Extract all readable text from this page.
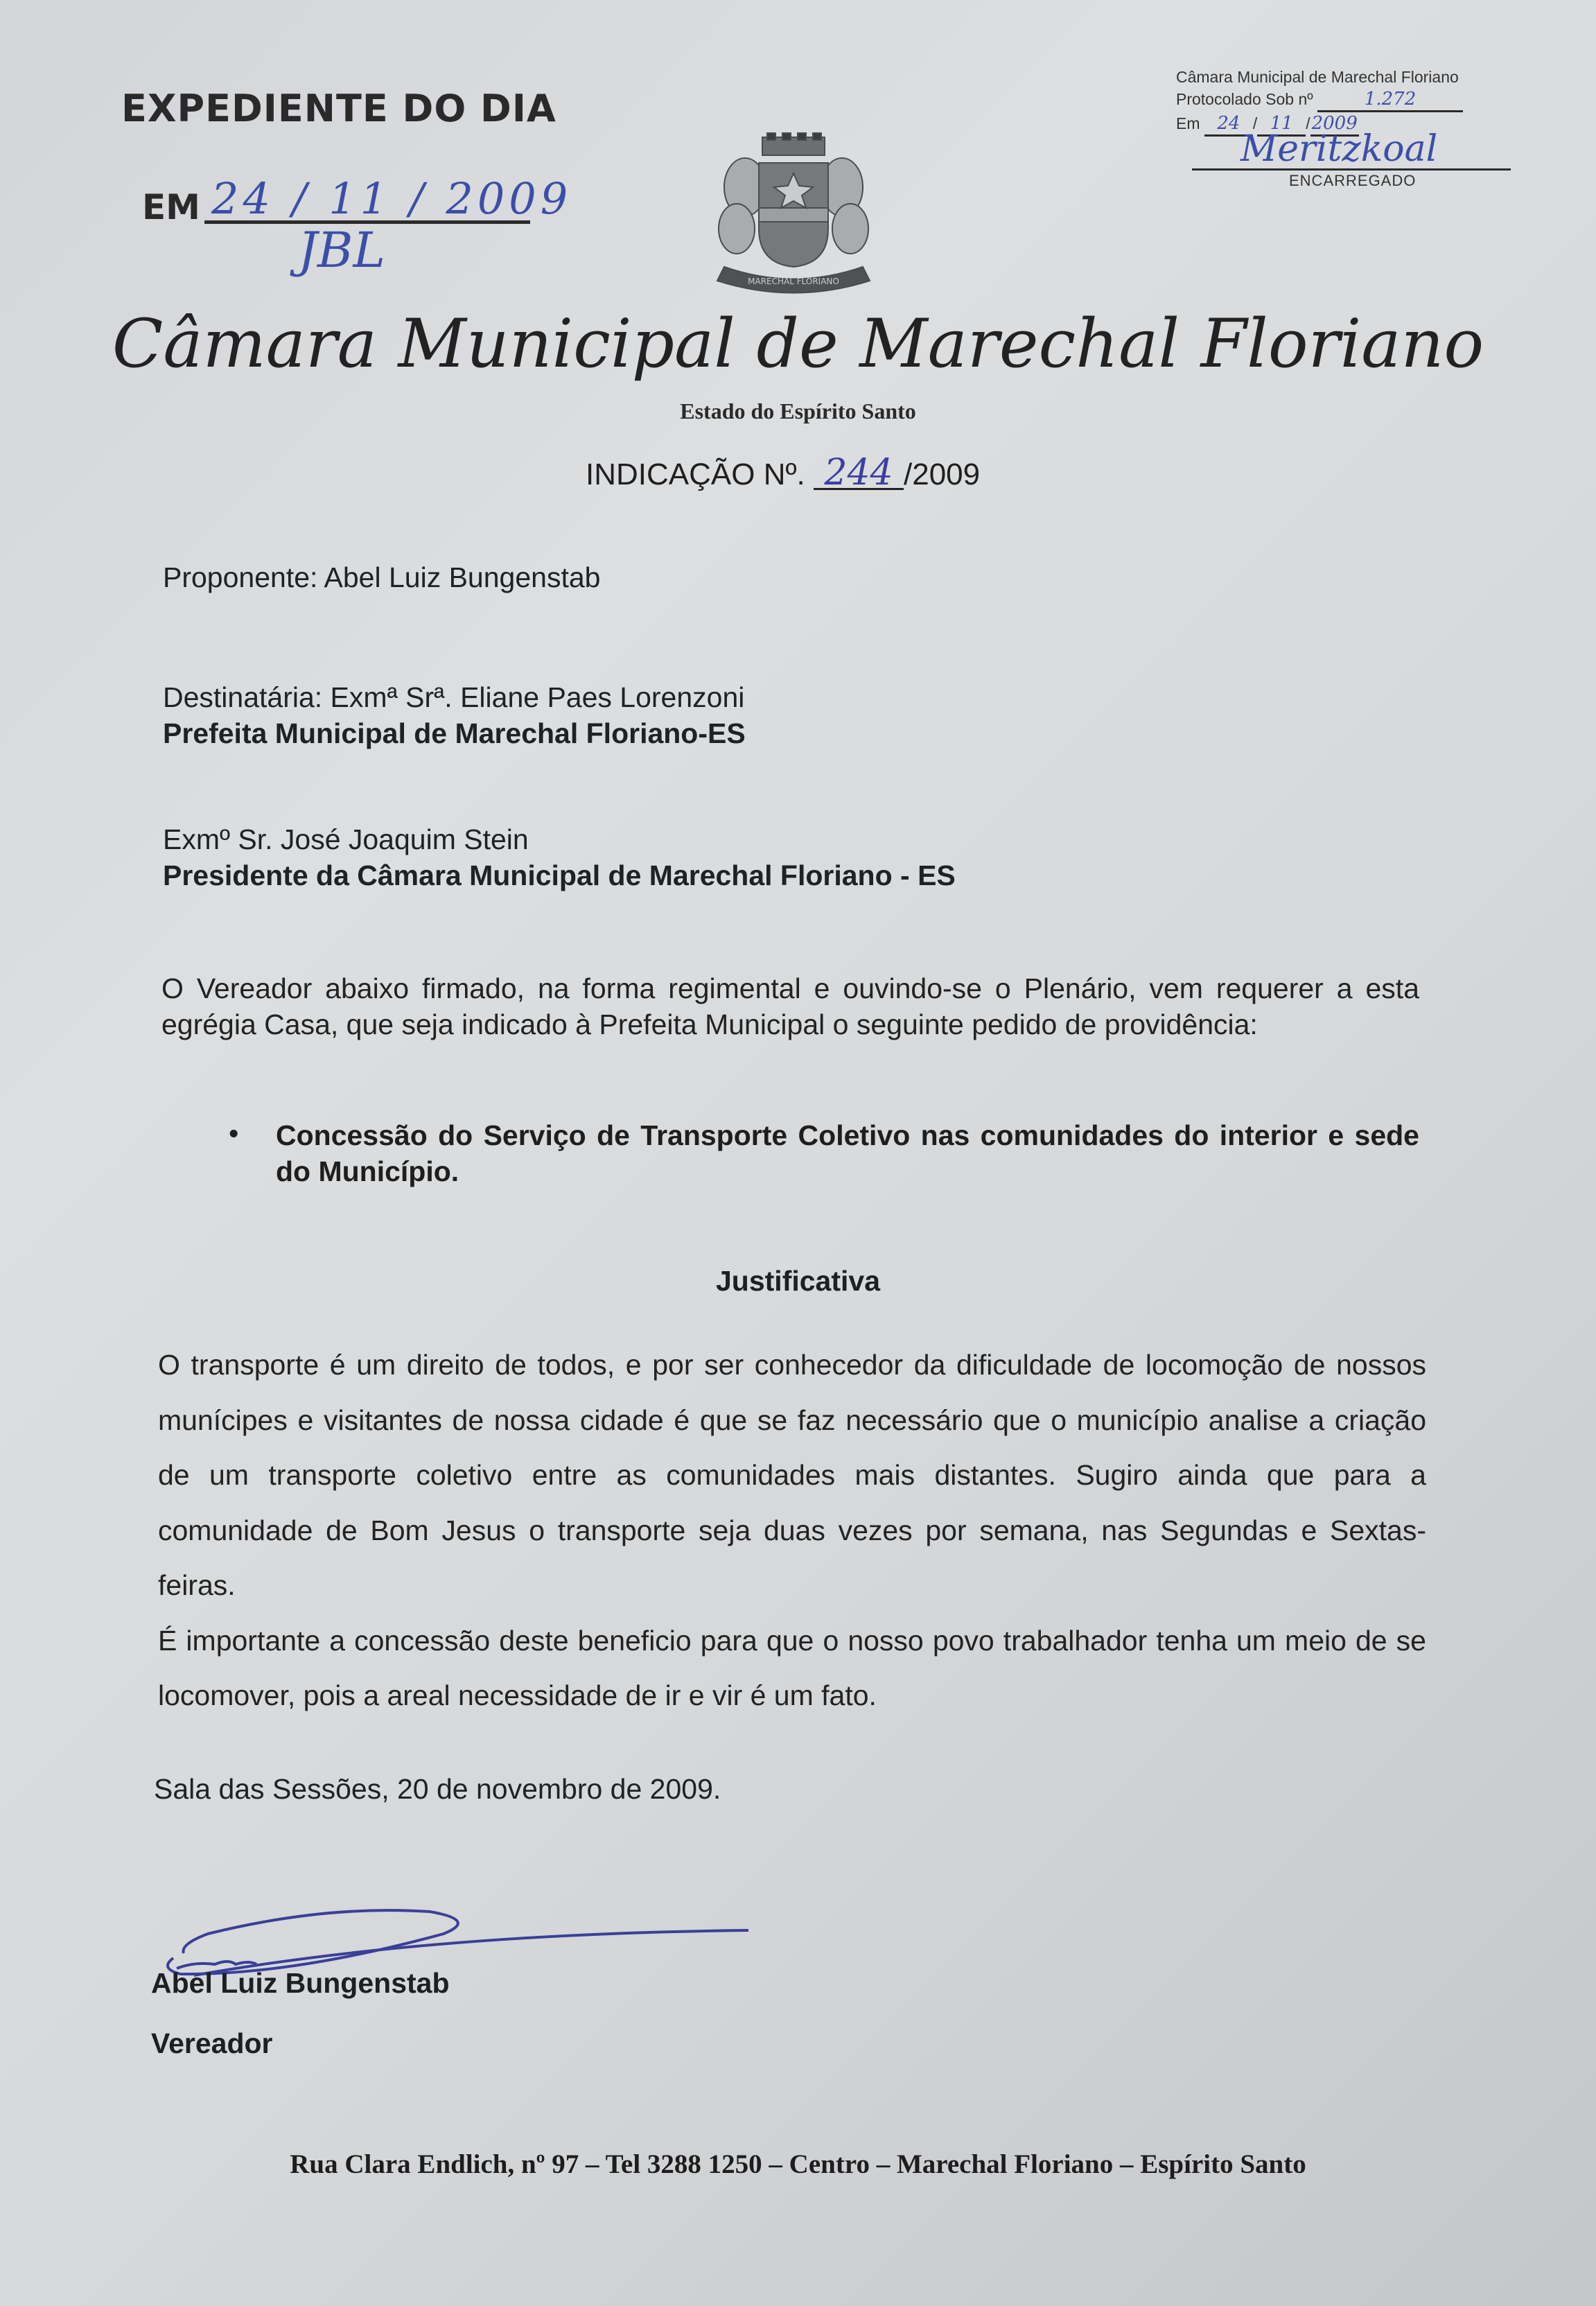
EXPEDIENTE DO DIA
EM 24 / 11 / 2009
JBL
Câmara Municipal de Marechal Floriano
Protocolado Sob nº	1.272
Em 24 / 11 /2009
Meritzkoal
ENCARREGADO
MARECHAL FLORIANO
Câmara Municipal de Marechal Floriano
Estado do Espírito Santo
INDICAÇÃO Nº. 244 /2009
Proponente: Abel Luiz Bungenstab
Destinatária: Exmª Srª. Eliane Paes Lorenzoni
Prefeita Municipal de Marechal Floriano-ES
Exmº Sr. José Joaquim Stein
Presidente da Câmara Municipal de Marechal Floriano - ES
O Vereador abaixo firmado, na forma regimental e ouvindo-se o Plenário, vem requerer a esta egrégia Casa, que seja indicado à Prefeita Municipal o seguinte pedido de providência:
• Concessão do Serviço de Transporte Coletivo nas comunidades do interior e sede do Município.
Justificativa

O transporte é um direito de todos, e por ser conhecedor da dificuldade de locomoção de nossos munícipes e visitantes de nossa cidade é que se faz necessário que o município analise a criação de um transporte coletivo entre as comunidades mais distantes. Sugiro ainda que para a comunidade de Bom Jesus o transporte seja duas vezes por semana, nas Segundas e Sextas-feiras.

É importante a concessão deste beneficio para que o nosso povo trabalhador tenha um meio de se locomover, pois a areal necessidade de ir e vir é um fato.

Sala das Sessões, 20 de novembro de 2009.
Abel Luiz Bungenstab
Vereador
Rua Clara Endlich, nº 97 – Tel 3288 1250 – Centro – Marechal Floriano – Espírito Santo
